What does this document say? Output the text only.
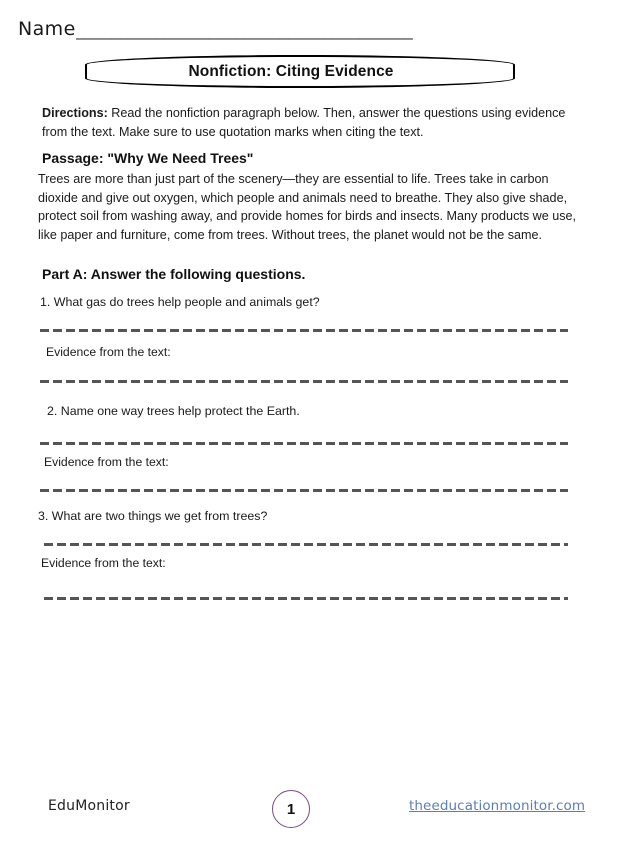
Name ______________________________________
Nonfiction: Citing Evidence
Directions: Read the nonfiction paragraph below. Then, answer the questions using evidence from the text. Make sure to use quotation marks when citing the text.
Passage: "Why We Need Trees"
Trees are more than just part of the scenery—they are essential to life. Trees take in carbon dioxide and give out oxygen, which people and animals need to breathe. They also give shade, protect soil from washing away, and provide homes for birds and insects. Many products we use, like paper and furniture, come from trees. Without trees, the planet would not be the same.
Part A: Answer the following questions.
1. What gas do trees help people and animals get?
Evidence from the text:
2. Name one way trees help protect the Earth.
Evidence from the text:
3. What are two things we get from trees?
Evidence from the text:
EduMonitor	1	theeducationmonitor.com
